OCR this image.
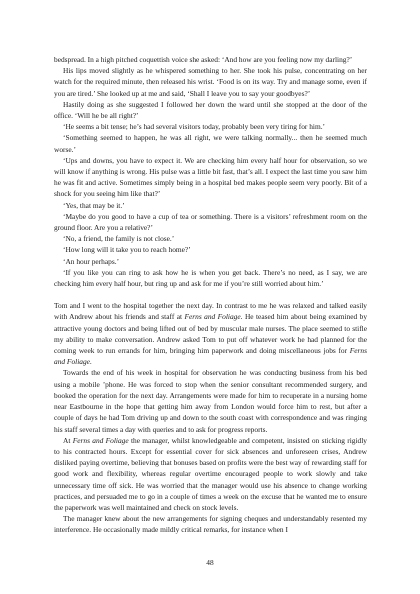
bedspread. In a high pitched coquettish voice she asked: ‘And how are you feeling now my darling?’

His lips moved slightly as he whispered something to her. She took his pulse, concentrating on her watch for the required minute, then released his wrist. ‘Food is on its way. Try and manage some, even if you are tired.’ She looked up at me and said, ‘Shall I leave you to say your goodbyes?’

Hastily doing as she suggested I followed her down the ward until she stopped at the door of the office. ‘Will he be all right?’

‘He seems a bit tense; he’s had several visitors today, probably been very tiring for him.’

‘Something seemed to happen, he was all right, we were talking normally... then he seemed much worse.’

‘Ups and downs, you have to expect it. We are checking him every half hour for observation, so we will know if anything is wrong. His pulse was a little bit fast, that’s all. I expect the last time you saw him he was fit and active. Sometimes simply being in a hospital bed makes people seem very poorly. Bit of a shock for you seeing him like that?’

‘Yes, that may be it.’

‘Maybe do you good to have a cup of tea or something. There is a visitors’ refreshment room on the ground floor. Are you a relative?’

‘No, a friend, the family is not close.’

‘How long will it take you to reach home?’

‘An hour perhaps.’

‘If you like you can ring to ask how he is when you get back. There’s no need, as I say, we are checking him every half hour, but ring up and ask for me if you’re still worried about him.’

Tom and I went to the hospital together the next day. In contrast to me he was relaxed and talked easily with Andrew about his friends and staff at Ferns and Foliage. He teased him about being examined by attractive young doctors and being lifted out of bed by muscular male nurses. The place seemed to stifle my ability to make conversation. Andrew asked Tom to put off whatever work he had planned for the coming week to run errands for him, bringing him paperwork and doing miscellaneous jobs for Ferns and Foliage.

Towards the end of his week in hospital for observation he was conducting business from his bed using a mobile ’phone. He was forced to stop when the senior consultant recommended surgery, and booked the operation for the next day. Arrangements were made for him to recuperate in a nursing home near Eastbourne in the hope that getting him away from London would force him to rest, but after a couple of days he had Tom driving up and down to the south coast with correspondence and was ringing his staff several times a day with queries and to ask for progress reports.

At Ferns and Foliage the manager, whilst knowledgeable and competent, insisted on sticking rigidly to his contracted hours. Except for essential cover for sick absences and unforeseen crises, Andrew disliked paying overtime, believing that bonuses based on profits were the best way of rewarding staff for good work and flexibility, whereas regular overtime encouraged people to work slowly and take unnecessary time off sick. He was worried that the manager would use his absence to change working practices, and persuaded me to go in a couple of times a week on the excuse that he wanted me to ensure the paperwork was well maintained and check on stock levels.

The manager knew about the new arrangements for signing cheques and understandably resented my interference. He occasionally made mildly critical remarks, for instance when I

48
